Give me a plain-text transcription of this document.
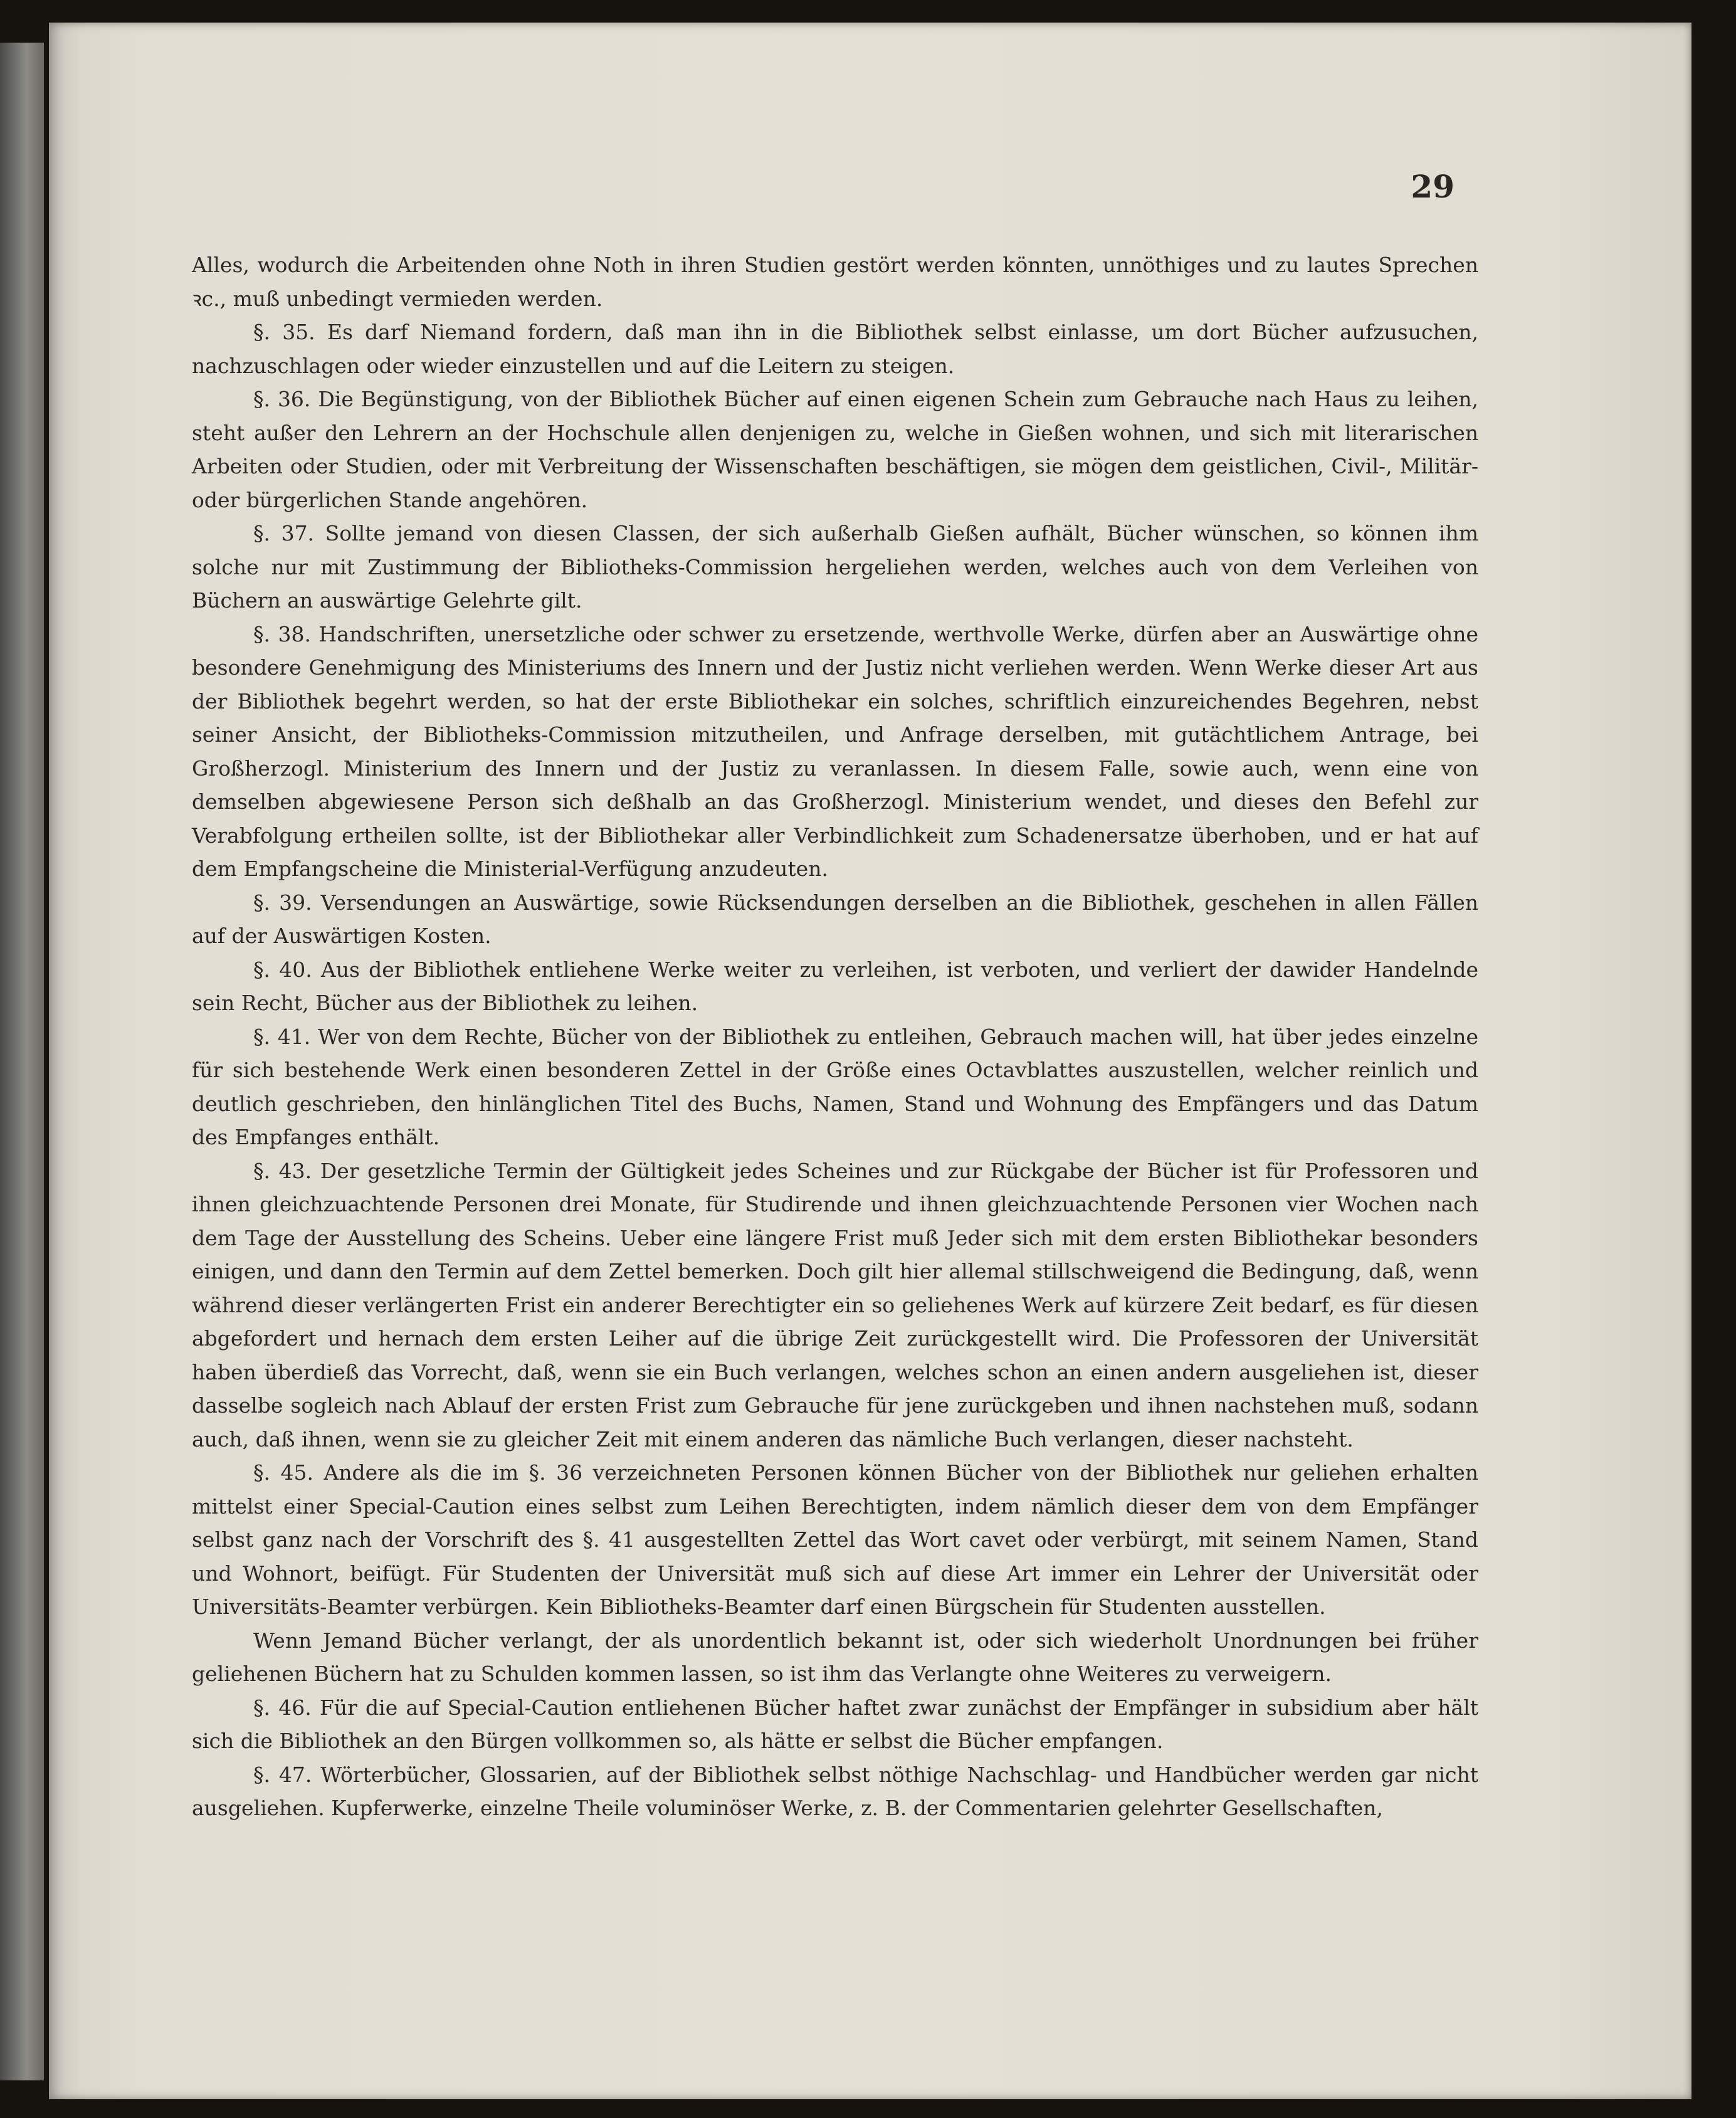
29

Alles, wodurch die Arbeitenden ohne Noth in ihren Studien gestört werden könnten, unnöthiges und zu lautes Sprechen ꝛc., muß unbedingt vermieden werden.

§. 35. Es darf Niemand fordern, daß man ihn in die Bibliothek selbst einlasse, um dort Bücher aufzusuchen, nachzuschlagen oder wieder einzustellen und auf die Leitern zu steigen.

§. 36. Die Begünstigung, von der Bibliothek Bücher auf einen eigenen Schein zum Gebrauche nach Haus zu leihen, steht außer den Lehrern an der Hochschule allen denjenigen zu, welche in Gießen wohnen, und sich mit literarischen Arbeiten oder Studien, oder mit Verbreitung der Wissenschaften beschäftigen, sie mögen dem geistlichen, Civil-, Militär- oder bürgerlichen Stande angehören.

§. 37. Sollte jemand von diesen Classen, der sich außerhalb Gießen aufhält, Bücher wünschen, so können ihm solche nur mit Zustimmung der Bibliotheks-Commission hergeliehen werden, welches auch von dem Verleihen von Büchern an auswärtige Gelehrte gilt.

§. 38. Handschriften, unersetzliche oder schwer zu ersetzende, werthvolle Werke, dürfen aber an Auswärtige ohne besondere Genehmigung des Ministeriums des Innern und der Justiz nicht verliehen werden. Wenn Werke dieser Art aus der Bibliothek begehrt werden, so hat der erste Bibliothekar ein solches, schriftlich einzureichendes Begehren, nebst seiner Ansicht, der Bibliotheks-Commission mitzutheilen, und Anfrage derselben, mit gutächtlichem Antrage, bei Großherzogl. Ministerium des Innern und der Justiz zu veranlassen. In diesem Falle, sowie auch, wenn eine von demselben abgewiesene Person sich deßhalb an das Großherzogl. Ministerium wendet, und dieses den Befehl zur Verabfolgung ertheilen sollte, ist der Bibliothekar aller Verbindlichkeit zum Schadenersatze überhoben, und er hat auf dem Empfangscheine die Ministerial-Verfügung anzudeuten.

§. 39. Versendungen an Auswärtige, sowie Rücksendungen derselben an die Bibliothek, geschehen in allen Fällen auf der Auswärtigen Kosten.

§. 40. Aus der Bibliothek entliehene Werke weiter zu verleihen, ist verboten, und verliert der dawider Handelnde sein Recht, Bücher aus der Bibliothek zu leihen.

§. 41. Wer von dem Rechte, Bücher von der Bibliothek zu entleihen, Gebrauch machen will, hat über jedes einzelne für sich bestehende Werk einen besonderen Zettel in der Größe eines Octavblattes auszustellen, welcher reinlich und deutlich geschrieben, den hinlänglichen Titel des Buchs, Namen, Stand und Wohnung des Empfängers und das Datum des Empfanges enthält.

§. 43. Der gesetzliche Termin der Gültigkeit jedes Scheines und zur Rückgabe der Bücher ist für Professoren und ihnen gleichzuachtende Personen drei Monate, für Studirende und ihnen gleichzuachtende Personen vier Wochen nach dem Tage der Ausstellung des Scheins. Ueber eine längere Frist muß Jeder sich mit dem ersten Bibliothekar besonders einigen, und dann den Termin auf dem Zettel bemerken. Doch gilt hier allemal stillschweigend die Bedingung, daß, wenn während dieser verlängerten Frist ein anderer Berechtigter ein so geliehenes Werk auf kürzere Zeit bedarf, es für diesen abgefordert und hernach dem ersten Leiher auf die übrige Zeit zurückgestellt wird. Die Professoren der Universität haben überdieß das Vorrecht, daß, wenn sie ein Buch verlangen, welches schon an einen andern ausgeliehen ist, dieser dasselbe sogleich nach Ablauf der ersten Frist zum Gebrauche für jene zurückgeben und ihnen nachstehen muß, sodann auch, daß ihnen, wenn sie zu gleicher Zeit mit einem anderen das nämliche Buch verlangen, dieser nachsteht.

§. 45. Andere als die im §. 36 verzeichneten Personen können Bücher von der Bibliothek nur geliehen erhalten mittelst einer Special-Caution eines selbst zum Leihen Berechtigten, indem nämlich dieser dem von dem Empfänger selbst ganz nach der Vorschrift des §. 41 ausgestellten Zettel das Wort cavet oder verbürgt, mit seinem Namen, Stand und Wohnort, beifügt. Für Studenten der Universität muß sich auf diese Art immer ein Lehrer der Universität oder Universitäts-Beamter verbürgen. Kein Bibliotheks-Beamter darf einen Bürgschein für Studenten ausstellen.

Wenn Jemand Bücher verlangt, der als unordentlich bekannt ist, oder sich wiederholt Unordnungen bei früher geliehenen Büchern hat zu Schulden kommen lassen, so ist ihm das Verlangte ohne Weiteres zu verweigern.

§. 46. Für die auf Special-Caution entliehenen Bücher haftet zwar zunächst der Empfänger in subsidium aber hält sich die Bibliothek an den Bürgen vollkommen so, als hätte er selbst die Bücher empfangen.

§. 47. Wörterbücher, Glossarien, auf der Bibliothek selbst nöthige Nachschlag- und Handbücher werden gar nicht ausgeliehen. Kupferwerke, einzelne Theile voluminöser Werke, z. B. der Commentarien gelehrter Gesellschaften,
